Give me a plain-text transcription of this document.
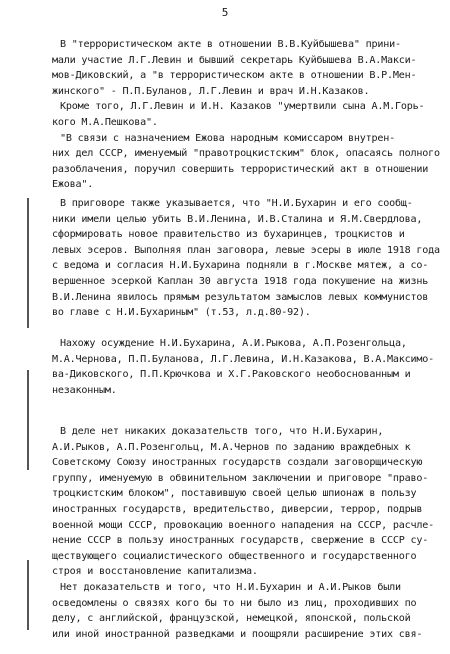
5
В "террористическом акте в отношении В.В.Куйбышева" прини-
мали участие Л.Г.Левин и бывший секретарь Куйбышева В.А.Макси-
мов-Диковский, а "в террористическом акте в отношении В.Р.Мен-
жинского" - П.П.Буланов, Л.Г.Левин и врач И.Н.Казаков.
Кроме того, Л.Г.Левин и И.Н. Казаков "умертвили сына А.М.Горь-
кого М.А.Пешкова".
"В связи с назначением Ежова народным комиссаром внутрен-
них дел СССР, именуемый "правотроцкистским" блок, опасаясь полного
разоблачения, поручил совершить террористический акт в отношении
Ежова".
В приговоре также указывается, что "Н.И.Бухарин и его сообщ-
ники имели целью убить В.И.Ленина, И.В.Сталина и Я.М.Свердлова,
сформировать новое правительство из бухаринцев, троцкистов и
левых эсеров. Выполняя план заговора, левые эсеры в июле 1918 года
с ведома и согласия Н.И.Бухарина подняли в г.Москве мятеж, а со-
вершенное эсеркой Каплан 30 августа 1918 года покушение на жизнь
В.И.Ленина явилось прямым результатом замыслов левых коммунистов
во главе с Н.И.Бухариным" (т.53, л.д.80-92).
Нахожу осуждение Н.И.Бухарина, А.И.Рыкова, А.П.Розенгольца,
М.А.Чернова, П.П.Буланова, Л.Г.Левина, И.Н.Казакова, В.А.Максимо-
ва-Диковского, П.П.Крючкова и Х.Г.Раковского необоснованным и
незаконным.
В деле нет никаких доказательств того, что Н.И.Бухарин,
А.И.Рыков, А.П.Розенгольц, М.А.Чернов по заданию враждебных к
Советскому Союзу иностранных государств создали заговорщическую
группу, именуемую в обвинительном заключении и приговоре "право-
троцкистским блоком", поставившую своей целью шпионаж в пользу
иностранных государств, вредительство, диверсии, террор, подрыв
военной мощи СССР, провокацию военного нападения на СССР, расчле-
нение СССР в пользу иностранных государств, свержение в СССР су-
ществующего социалистического общественного и государственного
строя и восстановление капитализма.
Нет доказательств и того, что Н.И.Бухарин и А.И.Рыков были
осведомлены о связях кого бы то ни было из лиц, проходивших по
делу, с английской, французской, немецкой, японской, польской
или иной иностранной разведками и поощряли расширение этих свя-
